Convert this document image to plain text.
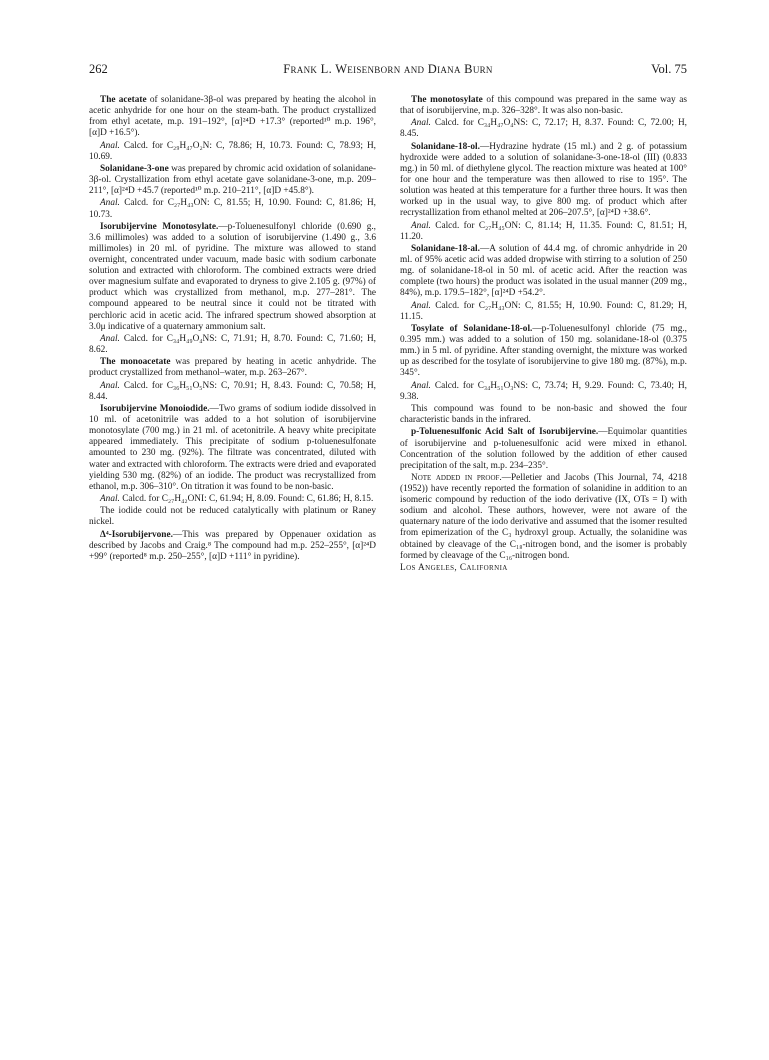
262	Frank L. Weisenborn and Diana Burn	Vol. 75

The acetate of solanidane-3β-ol was prepared by heating the alcohol in acetic anhydride for one hour on the steam-bath. The product crystallized from ethyl acetate, m.p. 191–192°, [α]²⁴D +17.3° (reported¹⁰ m.p. 196°, [α]D +16.5°).

Anal. Calcd. for C₂₉H₄₇O₂N: C, 78.86; H, 10.73. Found: C, 78.93; H, 10.69.

Solanidane-3-one was prepared by chromic acid oxidation of solanidane-3β-ol. Crystallization from ethyl acetate gave solanidane-3-one, m.p. 209–211°, [α]²⁴D +45.7 (reported¹⁰ m.p. 210–211°, [α]D +45.8°).

Anal. Calcd. for C₂₇H₄₃ON: C, 81.55; H, 10.90. Found: C, 81.86; H, 10.73.

Isorubijervine Monotosylate.—p-Toluenesulfonyl chloride (0.690 g., 3.6 millimoles) was added to a solution of isorubijervine (1.490 g., 3.6 millimoles) in 20 ml. of pyridine. The mixture was allowed to stand overnight, concentrated under vacuum, made basic with sodium carbonate solution and extracted with chloroform. The combined extracts were dried over magnesium sulfate and evaporated to dryness to give 2.105 g. (97%) of product which was crystallized from methanol, m.p. 277–281°. The compound appeared to be neutral since it could not be titrated with perchloric acid in acetic acid. The infrared spectrum showed absorption at 3.0μ indicative of a quaternary ammonium salt.

Anal. Calcd. for C₃₄H₄₉O₄NS: C, 71.91; H, 8.70. Found: C, 71.60; H, 8.62.

The monoacetate was prepared by heating in acetic anhydride. The product crystallized from methanol–water, m.p. 263–267°.

Anal. Calcd. for C₃₆H₅₁O₅NS: C, 70.91; H, 8.43. Found: C, 70.58; H, 8.44.

Isorubijervine Monoiodide.—Two grams of sodium iodide dissolved in 10 ml. of acetonitrile was added to a hot solution of isorubijervine monotosylate (700 mg.) in 21 ml. of acetonitrile. A heavy white precipitate appeared immediately. This precipitate of sodium p-toluenesulfonate amounted to 230 mg. (92%). The filtrate was concentrated, diluted with water and extracted with chloroform. The extracts were dried and evaporated yielding 530 mg. (82%) of an iodide. The product was recrystallized from ethanol, m.p. 306–310°. On titration it was found to be non-basic.

Anal. Calcd. for C₂₇H₄₂ONI: C, 61.94; H, 8.09. Found: C, 61.86; H, 8.15.

The iodide could not be reduced catalytically with platinum or Raney nickel.

Δ⁴-Isorubijervone.—This was prepared by Oppenauer oxidation as described by Jacobs and Craig.⁸ The compound had m.p. 252–255°, [α]²⁴D +99° (reported⁸ m.p. 250–255°, [α]D +111° in pyridine).

The monotosylate of this compound was prepared in the same way as that of isorubijervine, m.p. 326–328°. It was also non-basic.

Anal. Calcd. for C₃₄H₄₇O₄NS: C, 72.17; H, 8.37. Found: C, 72.00; H, 8.45.

Solanidane-18-ol.—Hydrazine hydrate (15 ml.) and 2 g. of potassium hydroxide were added to a solution of solanidane-3-one-18-ol (III) (0.833 mg.) in 50 ml. of diethylene glycol. The reaction mixture was heated at 100° for one hour and the temperature was then allowed to rise to 195°. The solution was heated at this temperature for a further three hours. It was then worked up in the usual way, to give 800 mg. of product which after recrystallization from ethanol melted at 206–207.5°, [α]²⁴D +38.6°.

Anal. Calcd. for C₂₇H₄₅ON: C, 81.14; H, 11.35. Found: C, 81.51; H, 11.20.

Solanidane-18-al.—A solution of 44.4 mg. of chromic anhydride in 20 ml. of 95% acetic acid was added dropwise with stirring to a solution of 250 mg. of solanidane-18-ol in 50 ml. of acetic acid. After the reaction was complete (two hours) the product was isolated in the usual manner (209 mg., 84%), m.p. 179.5–182°, [α]²⁴D +54.2°.

Anal. Calcd. for C₂₇H₄₃ON: C, 81.55; H, 10.90. Found: C, 81.29; H, 11.15.

Tosylate of Solanidane-18-ol.—p-Toluenesulfonyl chloride (75 mg., 0.395 mm.) was added to a solution of 150 mg. solanidane-18-ol (0.375 mm.) in 5 ml. of pyridine. After standing overnight, the mixture was worked up as described for the tosylate of isorubijervine to give 180 mg. (87%), m.p. 345°.

Anal. Calcd. for C₃₄H₅₁O₃NS: C, 73.74; H, 9.29. Found: C, 73.40; H, 9.38.

This compound was found to be non-basic and showed the four characteristic bands in the infrared.

p-Toluenesulfonic Acid Salt of Isorubijervine.—Equimolar quantities of isorubijervine and p-toluenesulfonic acid were mixed in ethanol. Concentration of the solution followed by the addition of ether caused precipitation of the salt, m.p. 234–235°.

Note added in proof.—Pelletier and Jacobs (This Journal, 74, 4218 (1952)) have recently reported the formation of solanidine in addition to an isomeric compound by reduction of the iodo derivative (IX, OTs = I) with sodium and alcohol. These authors, however, were not aware of the quaternary nature of the iodo derivative and assumed that the isomer resulted from epimerization of the C₃ hydroxyl group. Actually, the solanidine was obtained by cleavage of the C₁₈-nitrogen bond, and the isomer is probably formed by cleavage of the C₁₆-nitrogen bond.

Los Angeles, California
